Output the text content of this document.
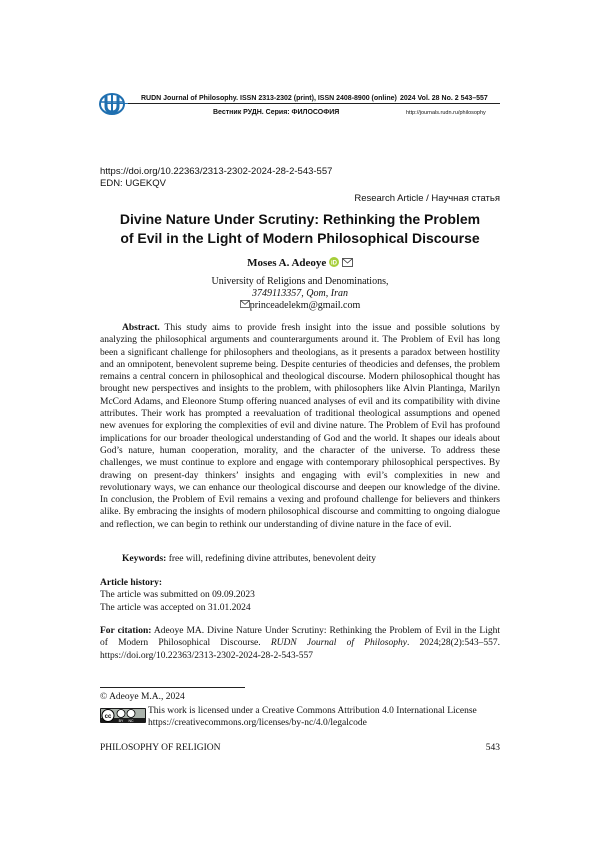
RUDN Journal of Philosophy. ISSN 2313-2302 (print), ISSN 2408-8900 (online)
Вестник РУДН. Серия: ФИЛОСОФИЯ
2024 Vol. 28 No. 2 543–557
http://journals.rudn.ru/philosophy
https://doi.org/10.22363/2313-2302-2024-28-2-543-557
EDN: UGEKQV
Research Article / Научная статья
Divine Nature Under Scrutiny: Rethinking the Problem
of Evil in the Light of Modern Philosophical Discourse
Moses A. Adeoye iD

University of Religions and Denominations,
3749113357, Qom, Iran
princeadelekm@gmail.com
Abstract. This study aims to provide fresh insight into the issue and possible solutions by analyzing the philosophical arguments and counterarguments around it. The Problem of Evil has long been a significant challenge for philosophers and theologians, as it presents a paradox between hostility and an omnipotent, benevolent supreme being. Despite centuries of theodicies and defenses, the problem remains a central concern in philosophical and theological discourse. Modern philosophical thought has brought new perspectives and insights to the problem, with philosophers like Alvin Plantinga, Marilyn McCord Adams, and Eleonore Stump offering nuanced analyses of evil and its compatibility with divine attributes. Their work has prompted a reevaluation of traditional theological assumptions and opened new avenues for exploring the complexities of evil and divine nature. The Problem of Evil has profound implications for our broader theological understanding of God and the world. It shapes our ideals about God’s nature, human cooperation, morality, and the character of the universe. To address these challenges, we must continue to explore and engage with contemporary philosophical perspectives. By drawing on present-day thinkers’ insights and engaging with evil’s complexities in new and revolutionary ways, we can enhance our theological discourse and deepen our knowledge of the divine. In conclusion, the Problem of Evil remains a vexing and profound challenge for believers and thinkers alike. By embracing the insights of modern philosophical discourse and committing to ongoing dialogue and reflection, we can begin to rethink our understanding of divine nature in the face of evil.
Keywords: free will, redefining divine attributes, benevolent deity
Article history:
The article was submitted on 09.09.2023
The article was accepted on 31.01.2024
For citation: Adeoye MA. Divine Nature Under Scrutiny: Rethinking the Problem of Evil in the Light of Modern Philosophical Discourse. RUDN Journal of Philosophy. 2024;28(2):543–557. https://doi.org/10.22363/2313-2302-2024-28-2-543-557
© Adeoye M.A., 2024
cc
BY NC
This work is licensed under a Creative Commons Attribution 4.0 International License
https://creativecommons.org/licenses/by-nc/4.0/legalcode
PHILOSOPHY OF RELIGION	543
